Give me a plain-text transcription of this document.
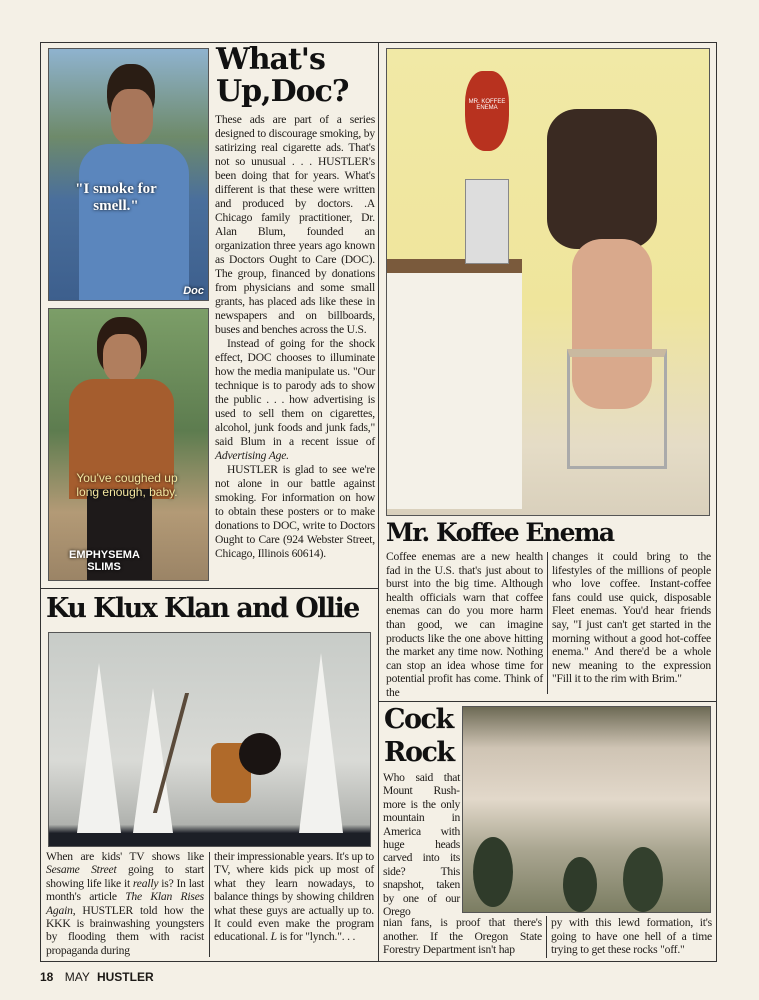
"I smoke for smell."
Doc
You've coughed up long enough, baby.
EMPHYSEMA SLIMS
What's
Up,Doc?

These ads are part of a series designed to discourage smoking, by satirizing real cigarette ads. That's not so unusual . . . HUSTLER's been doing that for years. What's different is that these were written and produced by doctors. .A Chicago family practitioner, Dr. Alan Blum, founded an organization three years ago known as Doctors Ought to Care (DOC). The group, financed by donations from physicians and some small grants, has placed ads like these in newspapers and on billboards, buses and benches across the U.S.

Instead of going for the shock effect, DOC chooses to illuminate how the media manipulate us. "Our technique is to parody ads to show the public . . . how advertising is used to sell them on cigarettes, alcohol, junk foods and junk fads," said Blum in a recent issue of Advertising Age.

HUSTLER is glad to see we're not alone in our battle against smoking. For information on how to obtain these posters or to make donations to DOC, write to Doctors Ought to Care (924 Webster Street, Chicago, Illinois 60614).

Ku Klux Klan and Ollie
When are kids' TV shows like Sesame Street going to start showing life like it really is? In last month's article The Klan Rises Again, HUSTLER told how the KKK is brainwashing youngsters by flooding them with racist propaganda during
their impressionable years. It's up to TV, where kids pick up most of what they learn nowadays, to balance things by showing children what these guys are actually up to. It could even make the program educational. L is for "lynch.". . .
MR. KOFFEE ENEMA
Mr. Koffee Enema
Coffee enemas are a new health fad in the U.S. that's just about to burst into the big time. Although health officials warn that coffee enemas can do you more harm than good, we can imagine products like the one above hitting the market any time now. Nothing can stop an idea whose time for potential profit has come. Think of the
changes it could bring to the lifestyles of the millions of people who love coffee. Instant-coffee fans could use quick, disposable Fleet enemas. You'd hear friends say, "I just can't get started in the morning without a good hot-coffee enema." And there'd be a whole new meaning to the expression "Fill it to the rim with Brim."
Cock
Rock
Who said that Mount Rushmore is the only mountain in America with huge heads carved into its side? This snapshot, taken by one of our Orego
nian fans, is proof that there's another. If the Oregon State Forestry Department isn't hap
py with this lewd formation, it's going to have one hell of a time trying to get these rocks "off."
18 MAY HUSTLER
